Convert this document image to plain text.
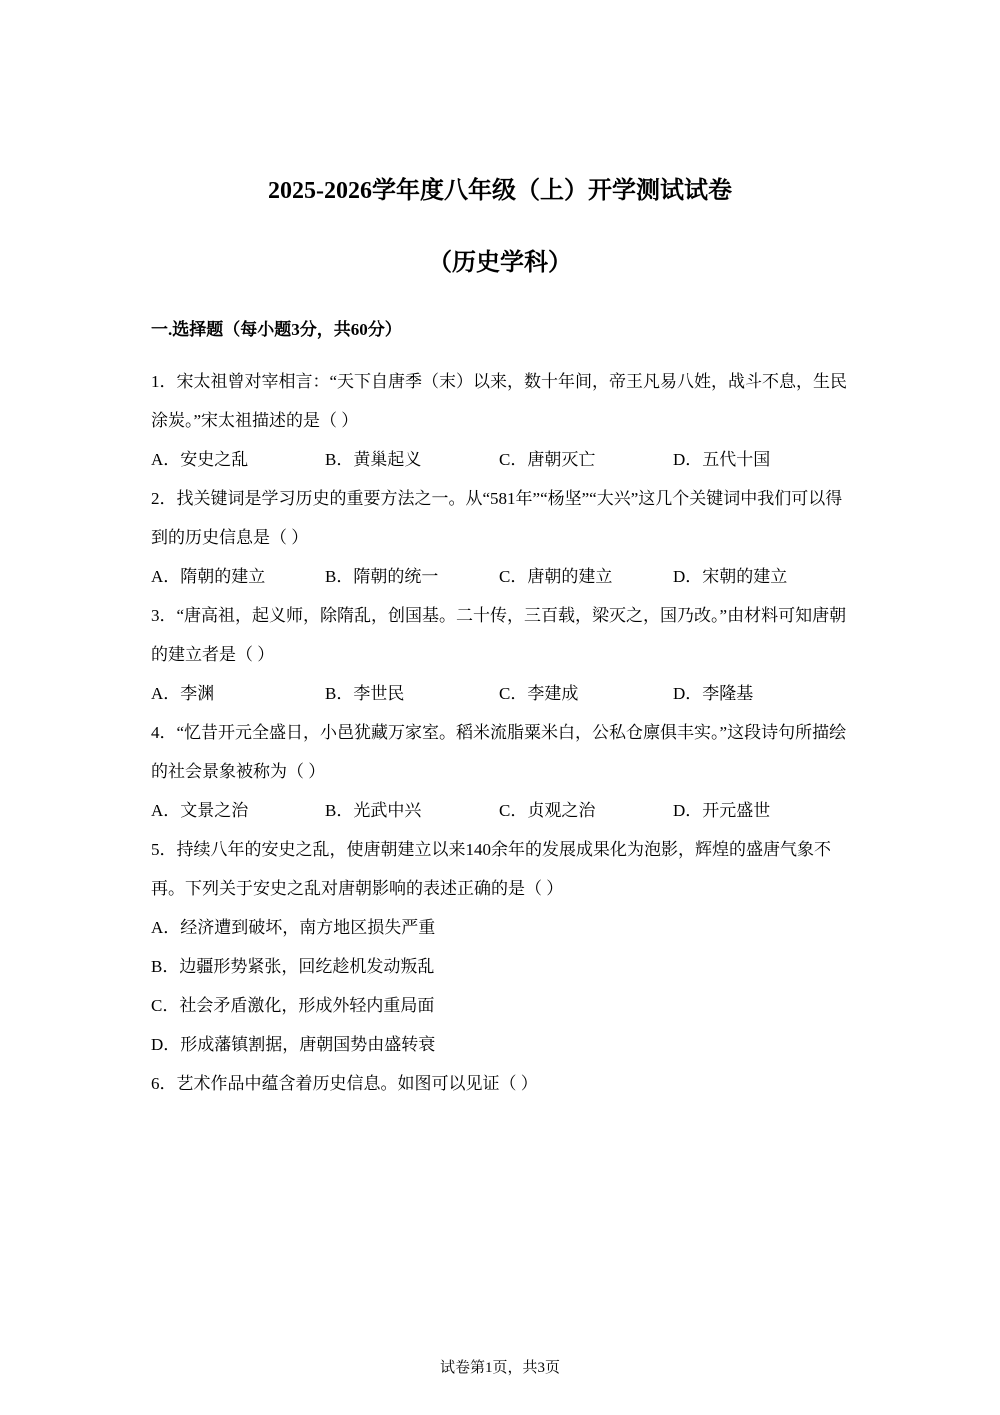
2025-2026学年度八年级（上）开学测试试卷
（历史学科）
一.选择题（每小题3分，共60分）

1．宋太祖曾对宰相言：“天下自唐季（末）以来，数十年间，帝王凡易八姓，战斗不息，生民涂炭。”宋太祖描述的是（ ）

A．安史之乱	B．黄巢起义	C．唐朝灭亡	D．五代十国

2．找关键词是学习历史的重要方法之一。从“581年”“杨坚”“大兴”这几个关键词中我们可以得到的历史信息是（ ）

A．隋朝的建立	B．隋朝的统一	C．唐朝的建立	D．宋朝的建立

3．“唐高祖，起义师，除隋乱，创国基。二十传，三百载，梁灭之，国乃改。”由材料可知唐朝的建立者是（ ）

A．李渊	B．李世民	C．李建成	D．李隆基

4．“忆昔开元全盛日，小邑犹藏万家室。稻米流脂粟米白，公私仓廪俱丰实。”这段诗句所描绘的社会景象被称为（ ）

A．文景之治	B．光武中兴	C．贞观之治	D．开元盛世

5．持续八年的安史之乱，使唐朝建立以来140余年的发展成果化为泡影，辉煌的盛唐气象不再。下列关于安史之乱对唐朝影响的表述正确的是（ ）

A．经济遭到破坏，南方地区损失严重
B．边疆形势紧张，回纥趁机发动叛乱
C．社会矛盾激化，形成外轻内重局面
D．形成藩镇割据，唐朝国势由盛转衰

6．艺术作品中蕴含着历史信息。如图可以见证（ ）

试卷第1页，共3页
